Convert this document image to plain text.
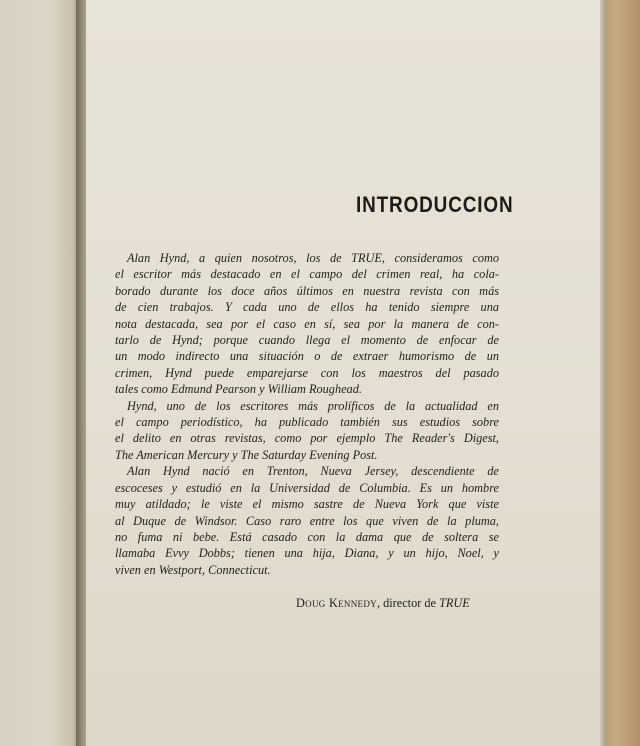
INTRODUCCION

Alan Hynd, a quien nosotros, los de TRUE, consideramos como
el escritor más destacado en el campo del crimen real, ha cola-
borado durante los doce años últimos en nuestra revista con más
de cien trabajos. Y cada uno de ellos ha tenido siempre una
nota destacada, sea por el caso en sí, sea por la manera de con-
tarlo de Hynd; porque cuando llega el momento de enfocar de
un modo indirecto una situación o de extraer humorismo de un
crimen, Hynd puede emparejarse con los maestros del pasado
tales como Edmund Pearson y William Roughead.

Hynd, uno de los escritores más prolíficos de la actualidad en
el campo periodístico, ha publicado también sus estudios sobre
el delito en otras revistas, como por ejemplo The Reader's Digest,
The American Mercury y The Saturday Evening Post.

Alan Hynd nació en Trenton, Nueva Jersey, descendiente de
escoceses y estudió en la Universidad de Columbia. Es un hombre
muy atildado; le viste el mismo sastre de Nueva York que viste
al Duque de Windsor. Caso raro entre los que viven de la pluma,
no fuma ni bebe. Está casado con la dama que de soltera se
llamaba Evvy Dobbs; tienen una hija, Diana, y un hijo, Noel, y
viven en Westport, Connecticut.

Doug Kennedy, director de TRUE
